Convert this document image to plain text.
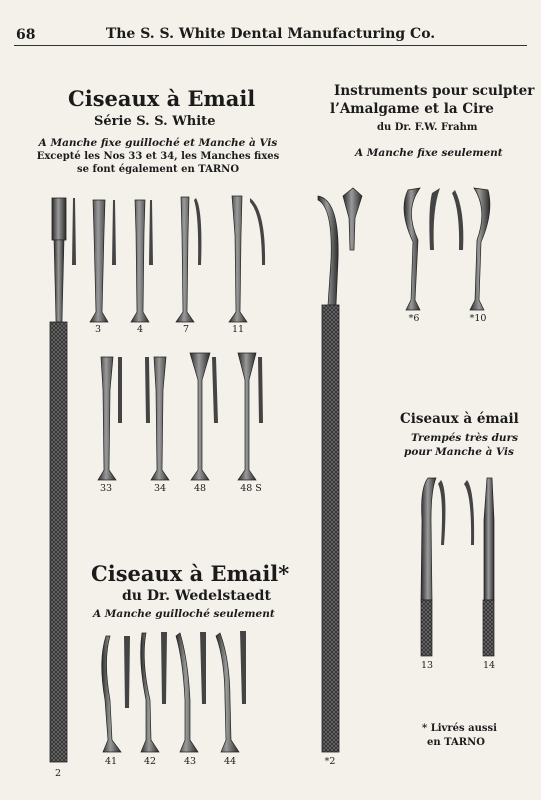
68	The S. S. White Dental Manufacturing Co.
Ciseaux à Email
Série S. S. White
A Manche fixe guilloché et Manche à Vis
Excepté les Nos 33 et 34, les Manches fixes
se font également en TARNO
Instruments pour sculpter
l’Amalgame et la Cire
du Dr. F.W. Frahm
A Manche fixe seulement
Ciseaux à Email*
du Dr. Wedelstaedt
A Manche guilloché seulement
Ciseaux à émail
Trempés très durs
pour Manche à Vis
* Livrés aussi
en TARNO
3	4	7	11
33	34	48	48 S
41	42	43	44
*6	*10
13	14
2
*2
